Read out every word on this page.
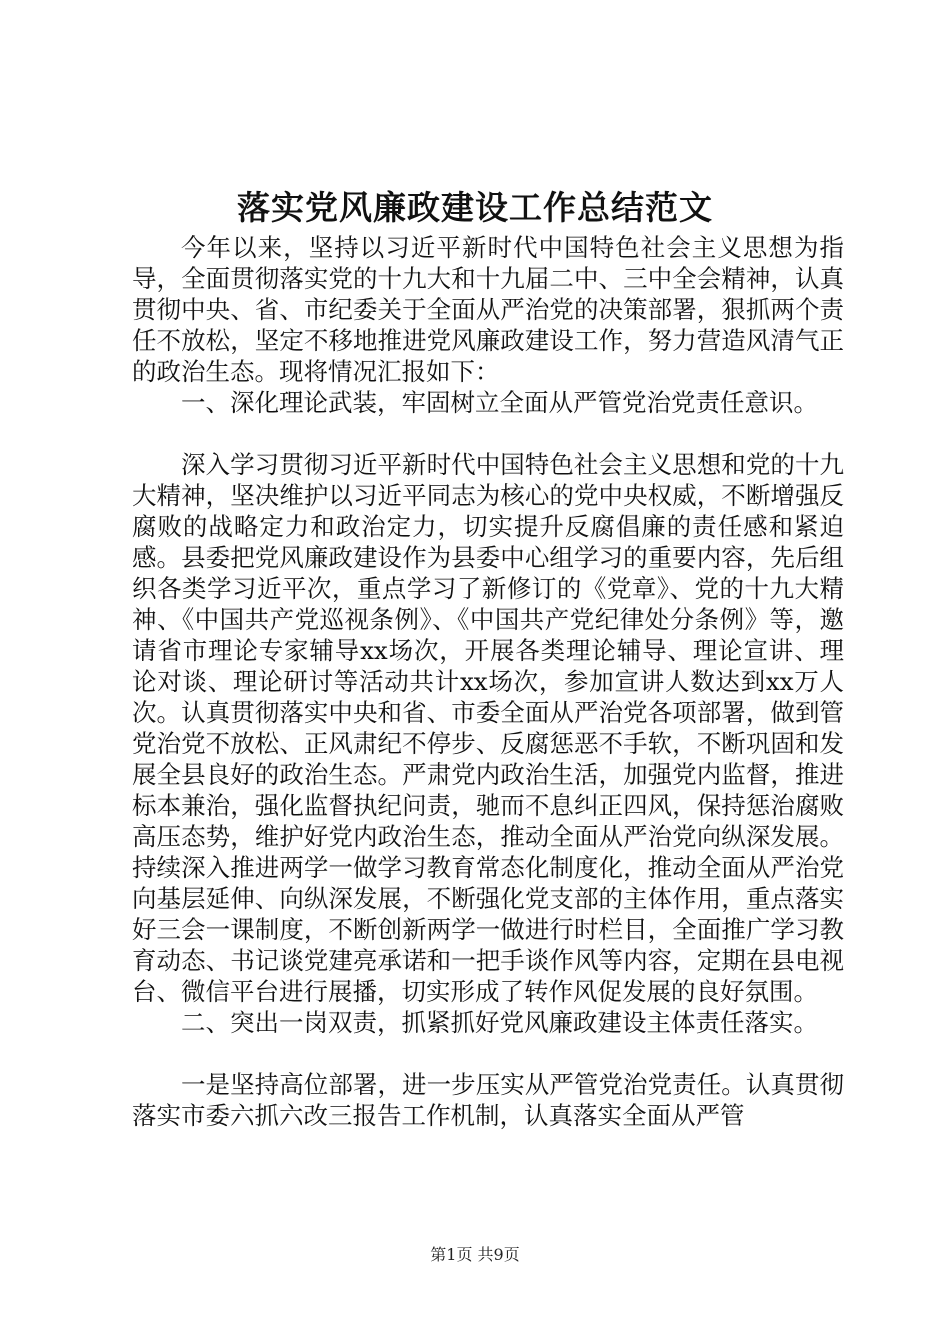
落实党风廉政建设工作总结范文

今年以来，坚持以习近平新时代中国特色社会主义思想为指导，全面贯彻落实党的十九大和十九届二中、三中全会精神，认真贯彻中央、省、市纪委关于全面从严治党的决策部署，狠抓两个责任不放松，坚定不移地推进党风廉政建设工作，努力营造风清气正的政治生态。现将情况汇报如下：

一、深化理论武装，牢固树立全面从严管党治党责任意识。

深入学习贯彻习近平新时代中国特色社会主义思想和党的十九大精神，坚决维护以习近平同志为核心的党中央权威，不断增强反腐败的战略定力和政治定力，切实提升反腐倡廉的责任感和紧迫感。县委把党风廉政建设作为县委中心组学习的重要内容，先后组织各类学习近平次，重点学习了新修订的《党章》、党的十九大精神、《中国共产党巡视条例》、《中国共产党纪律处分条例》等，邀请省市理论专家辅导xx场次，开展各类理论辅导、理论宣讲、理论对谈、理论研讨等活动共计xx场次，参加宣讲人数达到xx万人次。认真贯彻落实中央和省、市委全面从严治党各项部署，做到管党治党不放松、正风肃纪不停步、反腐惩恶不手软，不断巩固和发展全县良好的政治生态。严肃党内政治生活，加强党内监督，推进标本兼治，强化监督执纪问责，驰而不息纠正四风，保持惩治腐败高压态势，维护好党内政治生态，推动全面从严治党向纵深发展。持续深入推进两学一做学习教育常态化制度化，推动全面从严治党向基层延伸、向纵深发展，不断强化党支部的主体作用，重点落实好三会一课制度，不断创新两学一做进行时栏目，全面推广学习教育动态、书记谈党建亮承诺和一把手谈作风等内容，定期在县电视台、微信平台进行展播，切实形成了转作风促发展的良好氛围。

二、突出一岗双责，抓紧抓好党风廉政建设主体责任落实。

一是坚持高位部署，进一步压实从严管党治党责任。认真贯彻落实市委六抓六改三报告工作机制，认真落实全面从严管

第1页 共9页
